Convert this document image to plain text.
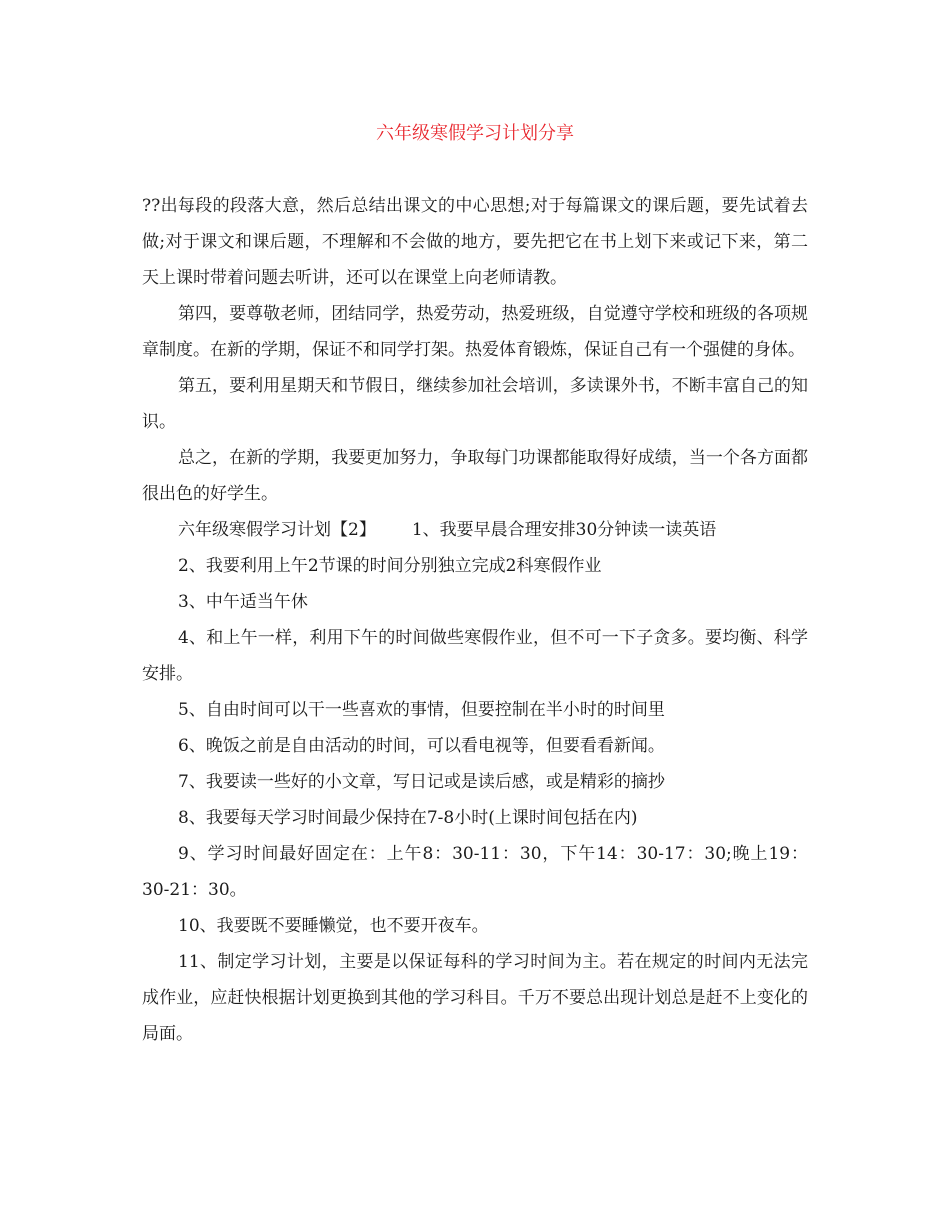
六年级寒假学习计划分享

??出每段的段落大意，然后总结出课文的中心思想;对于每篇课文的课后题，要先试着去做;对于课文和课后题，不理解和不会做的地方，要先把它在书上划下来或记下来，第二天上课时带着问题去听讲，还可以在课堂上向老师请教。

第四，要尊敬老师，团结同学，热爱劳动，热爱班级，自觉遵守学校和班级的各项规章制度。在新的学期，保证不和同学打架。热爱体育锻炼，保证自己有一个强健的身体。

第五，要利用星期天和节假日，继续参加社会培训，多读课外书，不断丰富自己的知识。

总之，在新的学期，我要更加努力，争取每门功课都能取得好成绩，当一个各方面都很出色的好学生。

六年级寒假学习计划【2】 1、我要早晨合理安排30分钟读一读英语

2、我要利用上午2节课的时间分别独立完成2科寒假作业

3、中午适当午休

4、和上午一样，利用下午的时间做些寒假作业，但不可一下子贪多。要均衡、科学安排。

5、自由时间可以干一些喜欢的事情，但要控制在半小时的时间里

6、晚饭之前是自由活动的时间，可以看电视等，但要看看新闻。

7、我要读一些好的小文章，写日记或是读后感，或是精彩的摘抄

8、我要每天学习时间最少保持在7-8小时(上课时间包括在内)

9、学习时间最好固定在：上午8：30-11：30，下午14：30-17：30;晚上19：30-21：30。

10、我要既不要睡懒觉，也不要开夜车。

11、制定学习计划，主要是以保证每科的学习时间为主。若在规定的时间内无法完成作业，应赶快根据计划更换到其他的学习科目。千万不要总出现计划总是赶不上变化的局面。
